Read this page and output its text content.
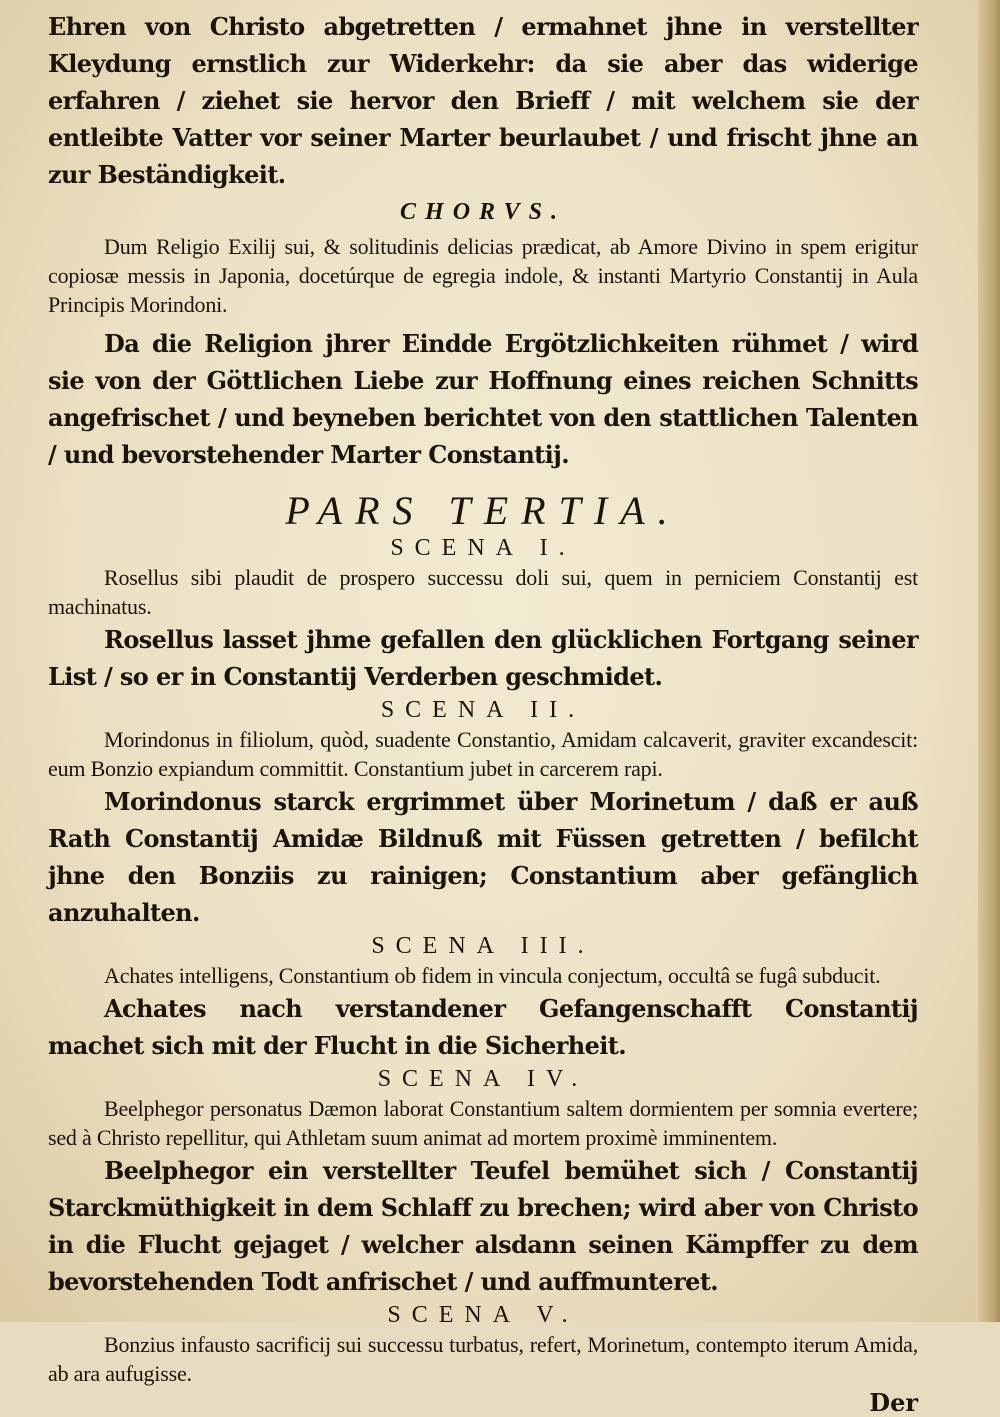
Ehren von Christo abgetretten / ermahnet jhne in verstellter Kleydung ernstlich zur Widerkehr: da sie aber das widerige erfahren / ziehet sie hervor den Brieff / mit welchem sie der entleibte Vatter vor seiner Marter beurlaubet / und frischt jhne an zur Beständigkeit.

CHORVS.

Dum Religio Exilij sui, & solitudinis delicias prædicat, ab Amore Divino in spem erigitur copiosæ messis in Japonia, docetúrque de egregia indole, & instanti Martyrio Constantij in Aula Principis Morindoni.

Da die Religion jhrer Eindde Ergötzlichkeiten rühmet / wird sie von der Göttlichen Liebe zur Hoffnung eines reichen Schnitts angefrischet / und beyneben berichtet von den stattlichen Talenten / und bevorstehender Marter Constantij.

PARS TERTIA.
SCENA I.

Rosellus sibi plaudit de prospero successu doli sui, quem in perniciem Constantij est machinatus.

Rosellus lasset jhme gefallen den glücklichen Fortgang seiner List / so er in Constantij Verderben geschmidet.

SCENA II.

Morindonus in filiolum, quòd, suadente Constantio, Amidam calcaverit, graviter excandescit: eum Bonzio expiandum committit. Constantium jubet in carcerem rapi.

Morindonus starck ergrimmet über Morinetum / daß er auß Rath Constantij Amidæ Bildnuß mit Füssen getretten / befilcht jhne den Bonziis zu rainigen; Constantium aber gefänglich anzuhalten.

SCENA III.

Achates intelligens, Constantium ob fidem in vincula conjectum, occultâ se fugâ subducit.

Achates nach verstandener Gefangenschafft Constantij machet sich mit der Flucht in die Sicherheit.

SCENA IV.

Beelphegor personatus Dæmon laborat Constantium saltem dormientem per somnia evertere; sed à Christo repellitur, qui Athletam suum animat ad mortem proximè imminentem.

Beelphegor ein verstellter Teufel bemühet sich / Constantij Starckmüthigkeit in dem Schlaff zu brechen; wird aber von Christo in die Flucht gejaget / welcher alsdann seinen Kämpffer zu dem bevorstehenden Todt anfrischet / und auffmunteret.

SCENA V.

Bonzius infausto sacrificij sui successu turbatus, refert, Morinetum, contempto iterum Amida, ab ara aufugisse.

Der
